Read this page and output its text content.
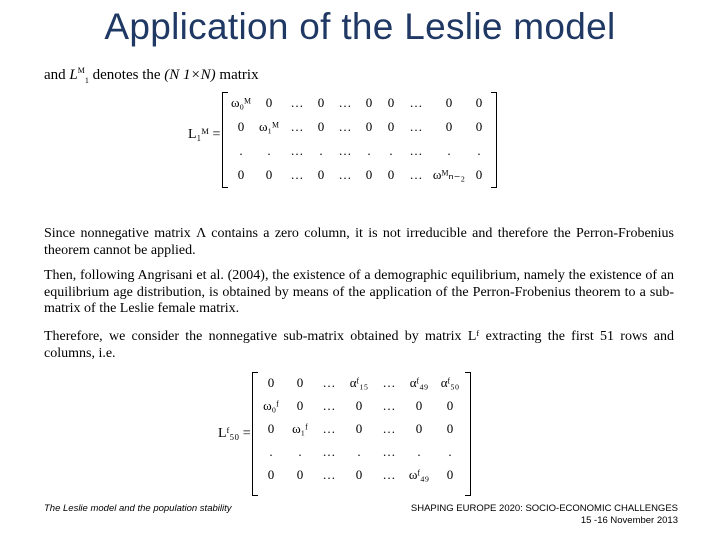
Application of the Leslie model
and $L^M_1$ denotes the (N 1×N) matrix
L₁ᴹ =
ω₀ᴹ	0	…	0	…	0	0	…	0	0
0	ω₁ᴹ …	0	…	0	0	…	0	0
.	.	…	.	…	.	.	…	.	.
0	0	…	0	…	0	0	… ωᴹₙ₋₂ 0
Since nonnegative matrix Λ contains a zero column, it is not irreducible and therefore the Perron-Frobenius theorem cannot be applied.
Then, following Angrisani et al. (2004), the existence of a demographic equilibrium, namely the existence of an equilibrium age distribution, is obtained by means of the application of the Perron-Frobenius theorem to a sub-matrix of the Leslie female matrix.
Therefore, we consider the nonnegative sub-matrix obtained by matrix Lᶠ extracting the first 51 rows and columns, i.e.
Lᶠ₅₀ =
0	0	…	αᶠ₁₅	…	αᶠ₄₉ αᶠ₅₀
ω₀ᶠ	0	…	0	…	0	0
0	ω₁ᶠ	…	0	…	0	0
.	.	…	.	…	.	.
0	0	…	0	…	ωᶠ₄₉	0
The Leslie model and the population stability	SHAPING EUROPE 2020: SOCIO-ECONOMIC CHALLENGES
15 -16 November 2013
